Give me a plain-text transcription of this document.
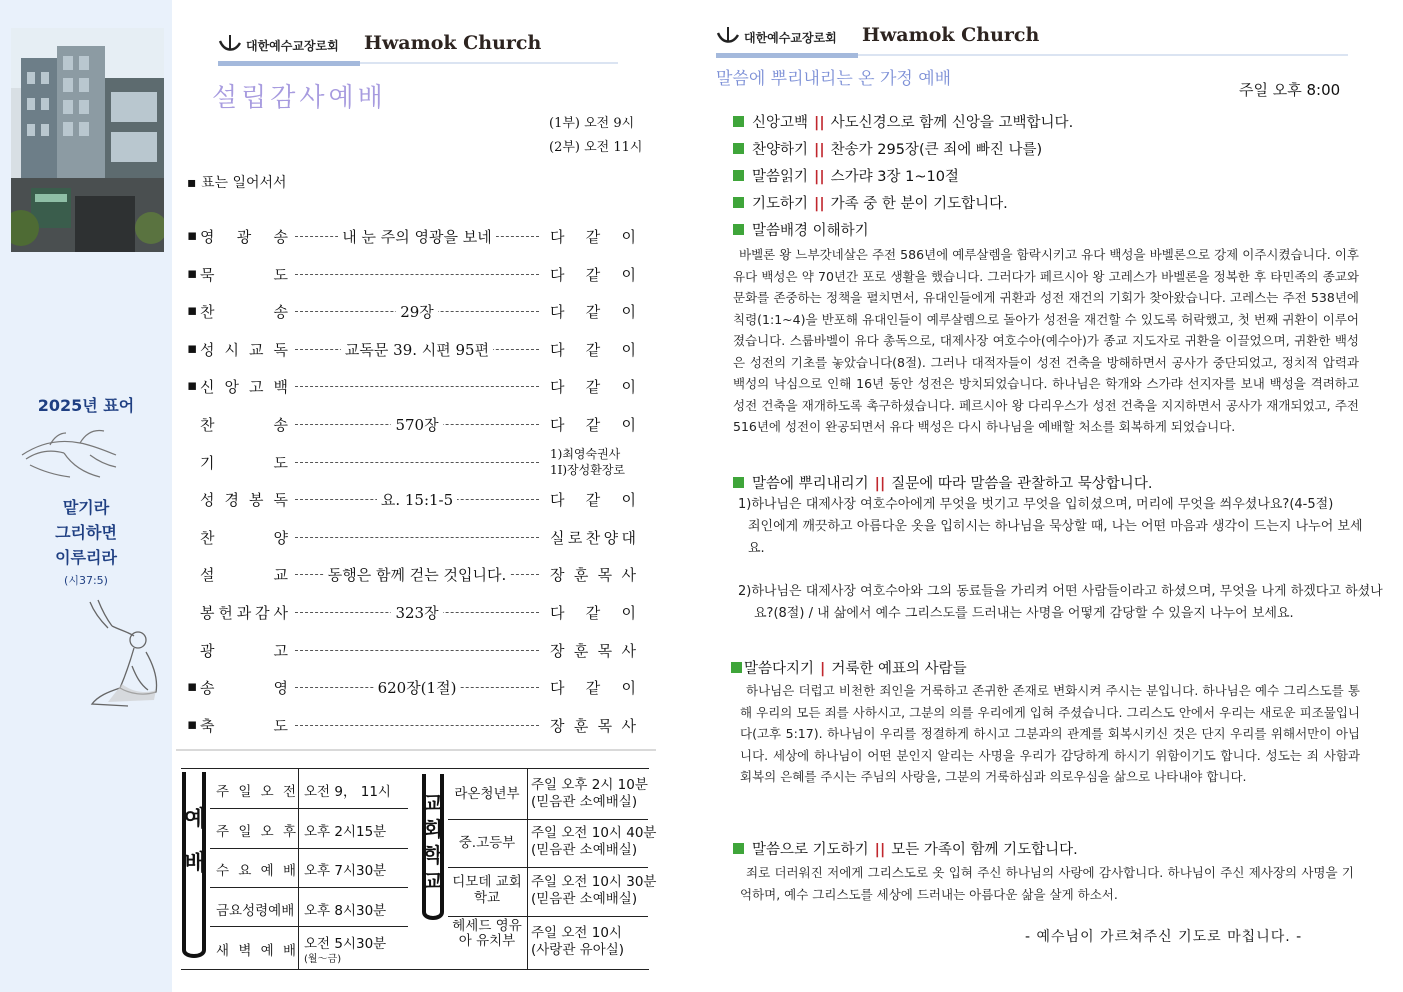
2025년 표어
맡기라
그리하면
이루리라
(시37:5)
대한예수교장로회 Hwamok Church
설립감사예배
(1부) 오전 9시
(2부) 오전 11시
▪ 표는 일어서서
▪ 영 광 송	내 눈 주의 영광을 보네	다 같 이
▪ 묵	도	다 같 이
▪ 찬	송	29장	다 같 이
▪ 성 시 교 독	교독문 39. 시편 95편	다 같 이
▪ 신 앙 고 백	다 같 이
찬	송	570장	다 같 이
기	도	1)최영숙권사
1I)장성환장로
성 경 봉 독	요. 15:1-5	다 같 이
찬	양	실 로 찬 양 대
설	교	동행은 함께 걷는 것입니다.	장 훈 목 사
봉 헌 과 감 사	323장	다 같 이
광	고	장 훈 목 사
▪ 송	영	620장(1절)	다 같 이
▪ 축	도	장 훈 목 사
예
배
교
회
학
교
주 일 오 전 오전 9， 11시
주 일 오 후 오후 2시15분
수 요 예 배 오후 7시30분
금요성령예배 오후 8시30분
새 벽 예 배 오전 5시30분
(월～금)
라온청년부
주일 오후 2시 10분
(믿음관 소예배실)
중.고등부
주일 오전 10시 40분
(믿음관 소예배실)
디모데 교회학교
주일 오전 10시 30분
(믿음관 소예배실)
헤세드 영유아 유치부	주일 오전 10시
(사랑관 유아실)
대한예수교장로회 Hwamok Church
말씀에 뿌리내리는 온 가정 예배
주일 오후 8:00
신앙고백 || 사도신경으로 함께 신앙을 고백합니다.
찬양하기 || 찬송가 295장(큰 죄에 빠진 나를)
말씀읽기 || 스가랴 3장 1~10절
기도하기 || 가족 중 한 분이 기도합니다.
말씀배경 이해하기
바벨론 왕 느부갓네살은 주전 586년에 예루살렘을 함락시키고 유다 백성을 바벨론으로 강제 이주시켰습니다. 이후 유다 백성은 약 70년간 포로 생활을 했습니다. 그러다가 페르시아 왕 고레스가 바벨론을 정복한 후 타민족의 종교와 문화를 존중하는 정책을 펼치면서, 유대인들에게 귀환과 성전 재건의 기회가 찾아왔습니다. 고레스는 주전 538년에 칙령(1:1~4)을 반포해 유대인들이 예루살렘으로 돌아가 성전을 재건할 수 있도록 허락했고, 첫 번째 귀환이 이루어졌습니다. 스룹바벨이 유다 총독으로, 대제사장 여호수아(예수아)가 종교 지도자로 귀환을 이끌었으며, 귀환한 백성은 성전의 기초를 놓았습니다(8절). 그러나 대적자들이 성전 건축을 방해하면서 공사가 중단되었고, 정치적 압력과 백성의 낙심으로 인해 16년 동안 성전은 방치되었습니다. 하나님은 학개와 스가랴 선지자를 보내 백성을 격려하고 성전 건축을 재개하도록 촉구하셨습니다. 페르시아 왕 다리우스가 성전 건축을 지지하면서 공사가 재개되었고, 주전 516년에 성전이 완공되면서 유다 백성은 다시 하나님을 예배할 처소를 회복하게 되었습니다.
말씀에 뿌리내리기 || 질문에 따라 말씀을 관찰하고 묵상합니다.
1)하나님은 대제사장 여호수아에게 무엇을 벗기고 무엇을 입히셨으며, 머리에 무엇을 씌우셨나요?(4-5절)
죄인에게 깨끗하고 아름다운 옷을 입히시는 하나님을 묵상할 때, 나는 어떤 마음과 생각이 드는지 나누어 보세요.
2)하나님은 대제사장 여호수아와 그의 동료들을 가리켜 어떤 사람들이라고 하셨으며, 무엇을 나게 하겠다고 하셨나요?(8절) / 내 삶에서 예수 그리스도를 드러내는 사명을 어떻게 감당할 수 있을지 나누어 보세요.
말씀다지기 | 거룩한 예표의 사람들
하나님은 더럽고 비천한 죄인을 거룩하고 존귀한 존재로 변화시켜 주시는 분입니다. 하나님은 예수 그리스도를 통해 우리의 모든 죄를 사하시고, 그분의 의를 우리에게 입혀 주셨습니다. 그리스도 안에서 우리는 새로운 피조물입니다(고후 5:17). 하나님이 우리를 정결하게 하시고 그분과의 관계를 회복시키신 것은 단지 우리를 위해서만이 아닙니다. 세상에 하나님이 어떤 분인지 알리는 사명을 우리가 감당하게 하시기 위함이기도 합니다. 성도는 죄 사함과 회복의 은혜를 주시는 주님의 사랑을, 그분의 거룩하심과 의로우심을 삶으로 나타내야 합니다.
말씀으로 기도하기 || 모든 가족이 함께 기도합니다.
죄로 더러워진 저에게 그리스도로 옷 입혀 주신 하나님의 사랑에 감사합니다. 하나님이 주신 제사장의 사명을 기억하며, 예수 그리스도를 세상에 드러내는 아름다운 삶을 살게 하소서.
- 예수님이 가르쳐주신 기도로 마칩니다. -
